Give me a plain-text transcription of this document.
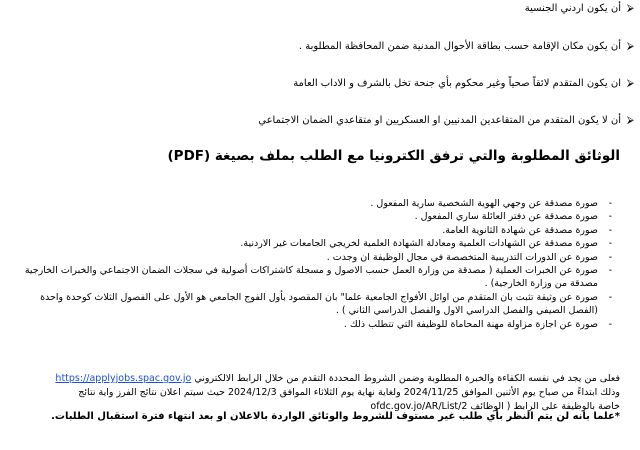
⮚أن يكون اردني الجنسية
⮚أن يكون مكان الإقامة حسب بطاقة الأحوال المدنية ضمن المحافظة المطلوبة .
⮚ان يكون المتقدم لائقاً صحياً وغير محكوم بأي جنحة تخل بالشرف و الاداب العامة
⮚أن لا يكون المتقدم من المتقاعدين المدنيين او العسكريين او متقاعدي الضمان الاجتماعي
الوثائق المطلوبة والتي ترفق الكترونيا مع الطلب بملف بصيغة (PDF)
-
صورة مصدقة عن وجهي الهوية الشخصية سارية المفعول .
-
صورة مصدقة عن دفتر العائلة ساري المفعول .
-
صورة مصدقة عن شهادة الثانوية العامة.
-
صورة مصدقة عن الشهادات العلمية ومعادلة الشهادة العلمية لخريجي الجامعات غير الاردنية.
-
صورة عن الدورات التدريبية المتخصصة في مجال الوظيفة ان وجدت .
-
صورة عن الخبرات العملية ( مصدقة من وزارة العمل حسب الاصول و مسجلة كاشتراكات أصولية في سجلات الضمان الاجتماعي والخبرات الخارجية مصدقة من وزارة الخارجية) .
-
صورة عن وثيقة تثبت بان المتقدم من اوائل الأفواج الجامعية علما" بان المقصود بأول الفوج الجامعي هو الأول على الفصول الثلاث كوحدة واحدة (الفصل الصيفي والفصل الدراسي الاول والفصل الدراسي الثاني ) .
-
صورة عن اجازة مزاولة مهنة المحاماة للوظيفة التي تتطلب ذلك .
فعلى من يجد في نفسه الكفاءة والخبرة المطلوبة وضمن الشروط المحددة التقدم من خلال الرابط الالكتروني https://applyjobs.spac.gov.jo
وذلك ابتداءً من صباح يوم الأثنين الموافق 2024/11/25 ولغاية نهاية يوم الثلاثاء الموافق 2024/12/3 حيث سيتم اعلان نتائج الفرز واية نتائج
خاصة بالوظيفة على الرابط ( الوظائف ofdc.gov.jo/AR/List/2
*علما بانه لن يتم النظر بأي طلب غير مستوف للشروط والوثائق الواردة بالاعلان او بعد انتهاء فترة استقبال الطلبات.
